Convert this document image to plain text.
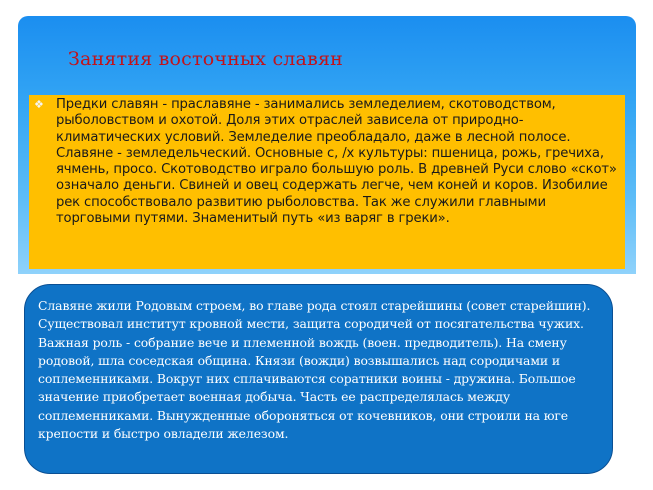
Занятия восточных славян
❖ Предки славян - праславяне - занимались земледелием, скотоводством, рыболовством и охотой. Доля этих отраслей зависела от природно-климатических условий. Земледелие преобладало, даже в лесной полосе. Славяне - земледельческий. Основные с, /х культуры: пшеница, рожь, гречиха, ячмень, просо. Скотоводство играло большую роль. В древней Руси слово «скот» означало деньги. Свиней и овец содержать легче, чем коней и коров. Изобилие рек способствовало развитию рыболовства. Так же служили главными торговыми путями. Знаменитый путь «из варяг в греки».

Славяне жили Родовым строем, во главе рода стоял старейшины (совет старейшин). Существовал институт кровной мести, защита сородичей от посягательства чужих. Важная роль - собрание вече и племенной вождь (воен. предводитель). На смену родовой, шла соседская община. Князи (вожди) возвышались над сородичами и соплеменниками. Вокруг них сплачиваются соратники воины - дружина. Большое значение приобретает военная добыча. Часть ее распределялась между соплеменниками. Вынужденные обороняться от кочевников, они строили на юге крепости и быстро овладели железом.
